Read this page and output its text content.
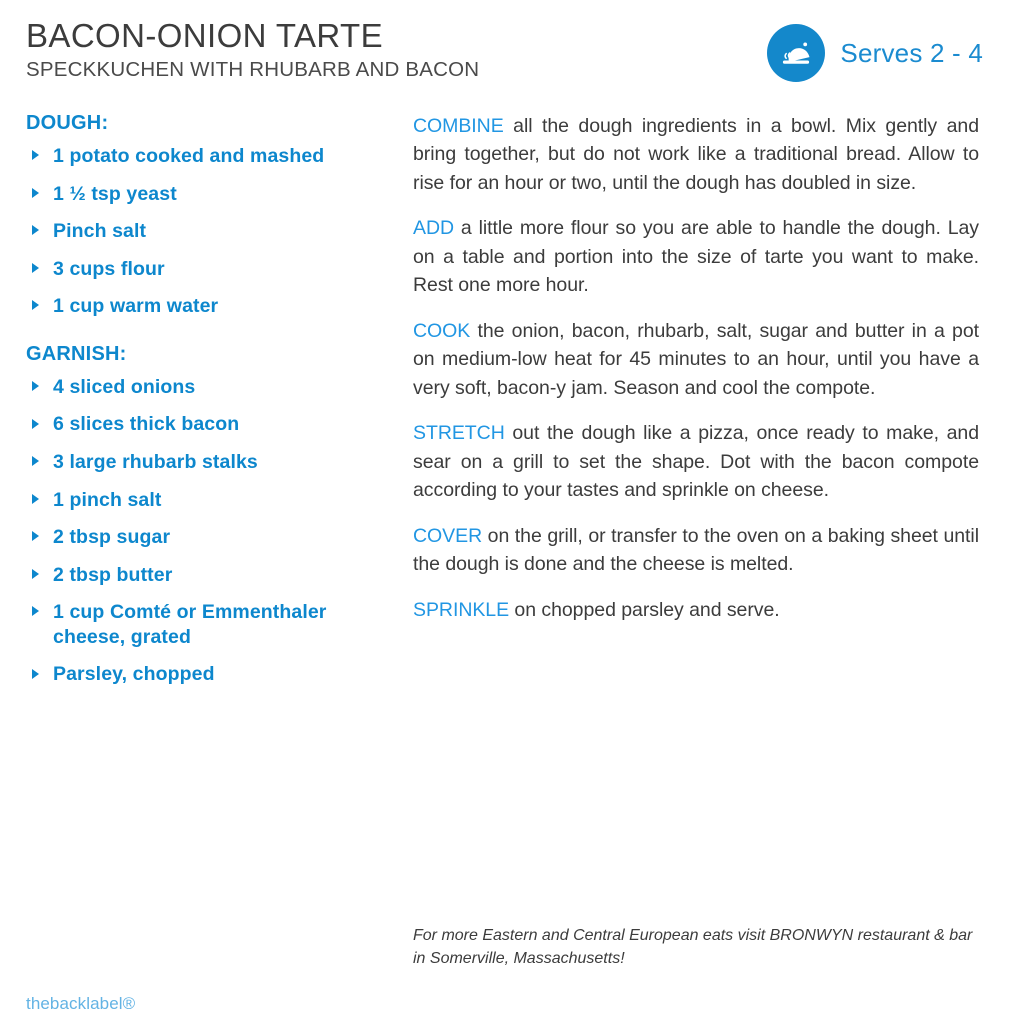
BACON-ONION TARTE
SPECKKUCHEN WITH RHUBARB AND BACON
Serves 2 - 4
DOUGH:
1 potato cooked and mashed
1 ½ tsp yeast
Pinch salt
3 cups flour
1 cup warm water
GARNISH:
4 sliced onions
6 slices thick bacon
3 large rhubarb stalks
1 pinch salt
2 tbsp sugar
2 tbsp butter
1 cup Comté or Emmenthaler cheese, grated
Parsley, chopped

COMBINE all the dough ingredients in a bowl. Mix gently and bring together, but do not work like a traditional bread. Allow to rise for an hour or two, until the dough has doubled in size.

ADD a little more flour so you are able to handle the dough. Lay on a table and portion into the size of tarte you want to make. Rest one more hour.

COOK the onion, bacon, rhubarb, salt, sugar and butter in a pot on medium-low heat for 45 minutes to an hour, until you have a very soft, bacon-y jam. Season and cool the compote.

STRETCH out the dough like a pizza, once ready to make, and sear on a grill to set the shape. Dot with the bacon compote according to your tastes and sprinkle on cheese.

COVER on the grill, or transfer to the oven on a baking sheet until the dough is done and the cheese is melted.

SPRINKLE on chopped parsley and serve.

For more Eastern and Central European eats visit BRONWYN restaurant & bar in Somerville, Massachusetts!
thebacklabel®
